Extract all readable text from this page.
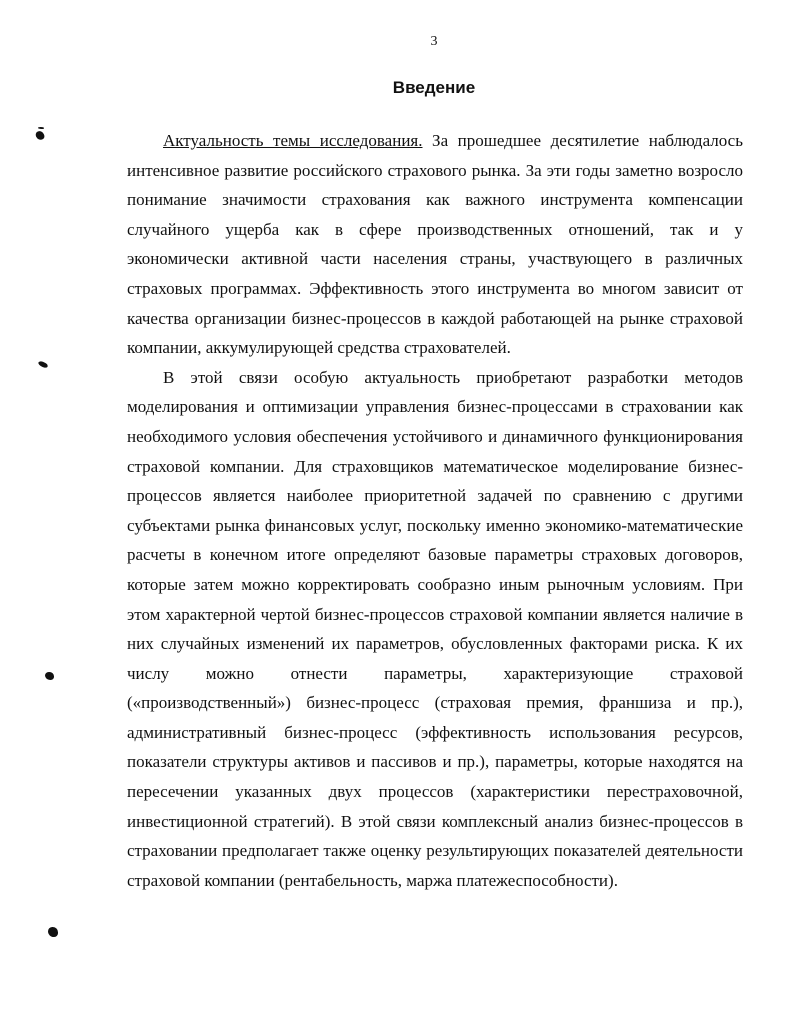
3
Введение

Актуальность темы исследования. За прошедшее десятилетие наблюдалось интенсивное развитие российского страхового рынка. За эти годы заметно возросло понимание значимости страхования как важного инструмента компенсации случайного ущерба как в сфере производственных отношений, так и у экономически активной части населения страны, участвующего в различных страховых программах. Эффективность этого инструмента во многом зависит от качества организации бизнес-процессов в каждой работающей на рынке страховой компании, аккумулирующей средства страхователей.

В этой связи особую актуальность приобретают разработки методов моделирования и оптимизации управления бизнес-процессами в страховании как необходимого условия обеспечения устойчивого и динамичного функционирования страховой компании. Для страховщиков математическое моделирование бизнес-процессов является наиболее приоритетной задачей по сравнению с другими субъектами рынка финансовых услуг, поскольку именно экономико-математические расчеты в конечном итоге определяют базовые параметры страховых договоров, которые затем можно корректировать сообразно иным рыночным условиям. При этом характерной чертой бизнес-процессов страховой компании является наличие в них случайных изменений их параметров, обусловленных факторами риска. К их числу можно отнести параметры, характеризующие страховой («производственный») бизнес-процесс (страховая премия, франшиза и пр.), административный бизнес-процесс (эффективность использования ресурсов, показатели структуры активов и пассивов и пр.), параметры, которые находятся на пересечении указанных двух процессов (характеристики перестраховочной, инвестиционной стратегий). В этой связи комплексный анализ бизнес-процессов в страховании предполагает также оценку результирующих показателей деятельности страховой компании (рентабельность, маржа платежеспособности).
